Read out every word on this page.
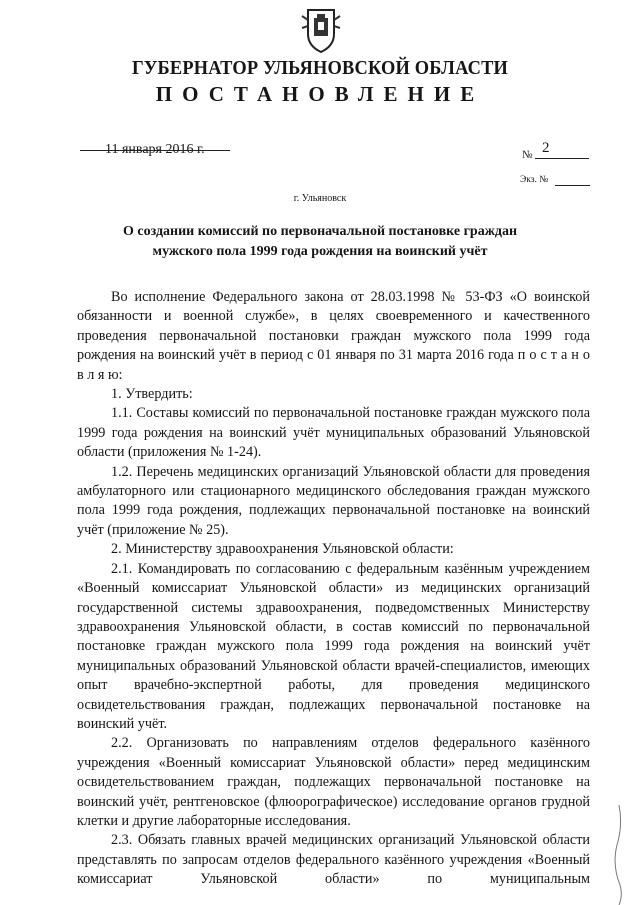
ГУБЕРНАТОР УЛЬЯНОВСКОЙ ОБЛАСТИ
ПОСТАНОВЛЕНИЕ
11 января 2016 г.	№ 2
Экз. №
г. Ульяновск
О создании комиссий по первоначальной постановке граждан
мужского пола 1999 года рождения на воинский учёт

Во исполнение Федерального закона от 28.03.1998 № 53-ФЗ «О воинской обязанности и военной службе», в целях своевременного и качественного проведения первоначальной постановки граждан мужского пола 1999 года рождения на воинский учёт в период с 01 января по 31 марта 2016 года п о с т а н о в л я ю:

1. Утвердить:

1.1. Составы комиссий по первоначальной постановке граждан мужского пола 1999 года рождения на воинский учёт муниципальных образований Ульяновской области (приложения № 1-24).

1.2. Перечень медицинских организаций Ульяновской области для проведения амбулаторного или стационарного медицинского обследования граждан мужского пола 1999 года рождения, подлежащих первоначальной постановке на воинский учёт (приложение № 25).

2. Министерству здравоохранения Ульяновской области:

2.1. Командировать по согласованию с федеральным казённым учреждением «Военный комиссариат Ульяновской области» из медицинских организаций государственной системы здравоохранения, подведомственных Министерству здравоохранения Ульяновской области, в состав комиссий по первоначальной постановке граждан мужского пола 1999 года рождения на воинский учёт муниципальных образований Ульяновской области врачей-специалистов, имеющих опыт врачебно-экспертной работы, для проведения медицинского освидетельствования граждан, подлежащих первоначальной постановке на воинский учёт.

2.2. Организовать по направлениям отделов федерального казённого учреждения «Военный комиссариат Ульяновской области» перед медицинским освидетельствованием граждан, подлежащих первоначальной постановке на воинский учёт, рентгеновское (флюорографическое) исследование органов грудной клетки и другие лабораторные исследования.

2.3. Обязать главных врачей медицинских организаций Ульяновской области представлять по запросам отделов федерального казённого учреждения «Военный комиссариат Ульяновской области» по муниципальным
